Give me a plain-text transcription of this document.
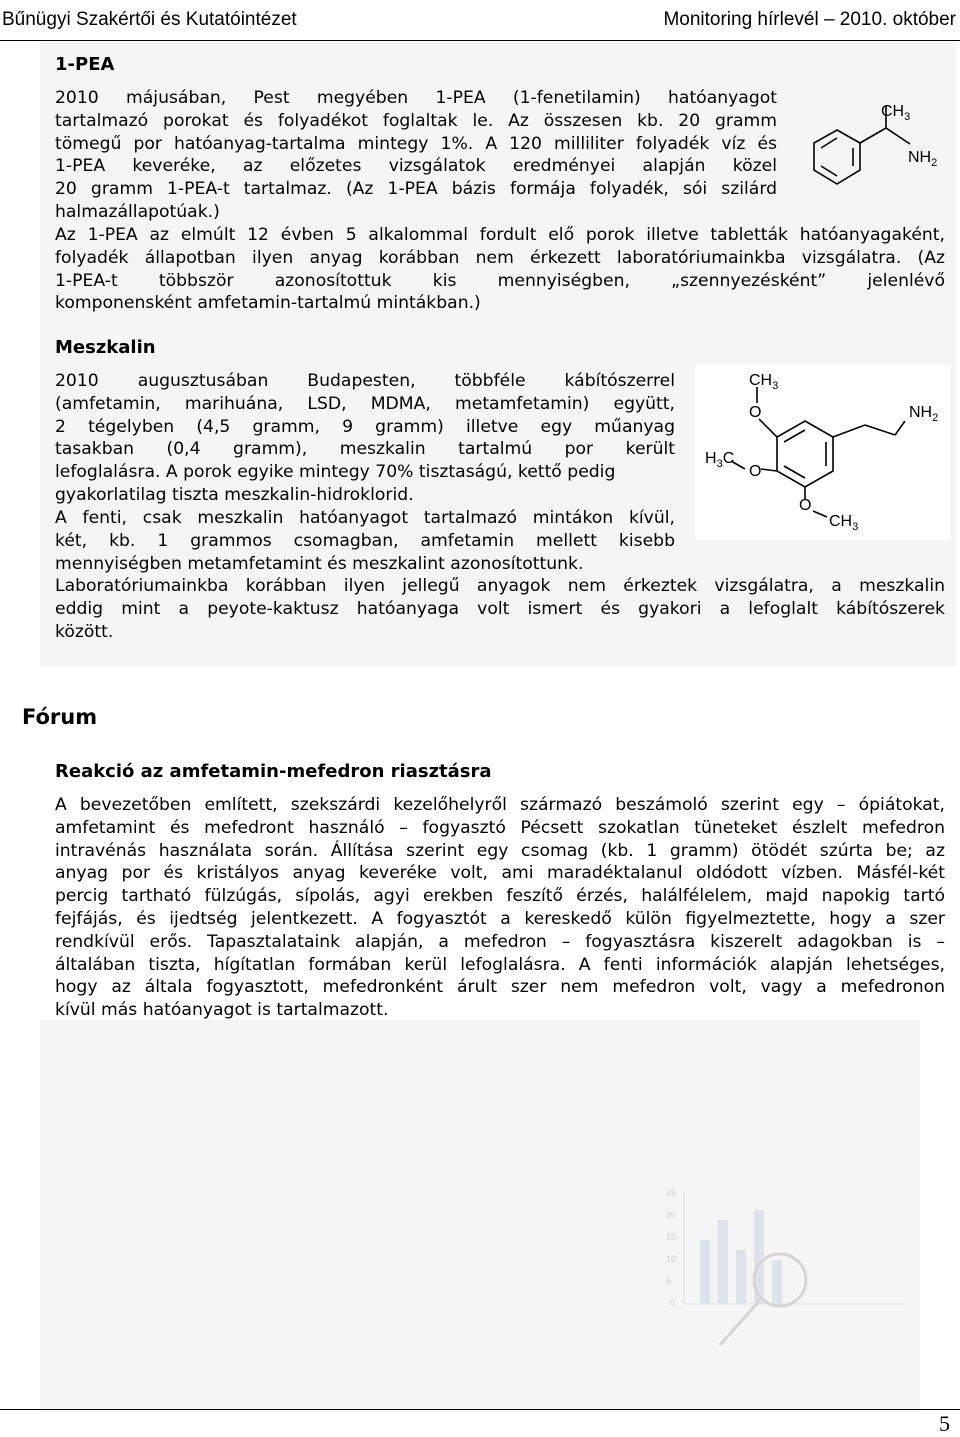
Bűnügyi Szakértői és Kutatóintézet	Monitoring hírlevél – 2010. október
1-PEA
2010 májusában, Pest megyében 1-PEA (1-fenetilamin) hatóanyagot
tartalmazó porokat és folyadékot foglaltak le. Az összesen kb. 20 gramm
tömegű por hatóanyag-tartalma mintegy 1%. A 120 milliliter folyadék víz és
1-PEA keveréke, az előzetes vizsgálatok eredményei alapján közel
20 gramm 1-PEA-t tartalmaz. (Az 1-PEA bázis formája folyadék, sói szilárd
halmazállapotúak.)
Az 1-PEA az elmúlt 12 évben 5 alkalommal fordult elő porok illetve tabletták hatóanyagaként,
folyadék állapotban ilyen anyag korábban nem érkezett laboratóriumainkba vizsgálatra. (Az
1-PEA-t többször azonosítottuk kis mennyiségben, „szennyezésként” jelenlévő
komponensként amfetamin-tartalmú mintákban.)
$CH_3$
$NH_2$
Meszkalin
2010 augusztusában Budapesten, többféle kábítószerrel
(amfetamin, marihuána, LSD, MDMA, metamfetamin) együtt,
2 tégelyben (4,5 gramm, 9 gramm) illetve egy műanyag
tasakban (0,4 gramm), meszkalin tartalmú por került
lefoglalásra. A porok egyike mintegy 70% tisztaságú, kettő pedig
gyakorlatilag tiszta meszkalin-hidroklorid.
A fenti, csak meszkalin hatóanyagot tartalmazó mintákon kívül,
két, kb. 1 grammos csomagban, amfetamin mellett kisebb
mennyiségben metamfetamint és meszkalint azonosítottunk.
Laboratóriumainkba korábban ilyen jellegű anyagok nem érkeztek vizsgálatra, a meszkalin
eddig mint a peyote-kaktusz hatóanyaga volt ismert és gyakori a lefoglalt kábítószerek
között.
$CH_3$
O	$NH_2$
$H_3C$
O
O
$CH_3$
Fórum
Reakció az amfetamin-mefedron riasztásra
A bevezetőben említett, szekszárdi kezelőhelyről származó beszámoló szerint egy – ópiátokat,
amfetamint és mefedront használó – fogyasztó Pécsett szokatlan tüneteket észlelt mefedron
intravénás használata során. Állítása szerint egy csomag (kb. 1 gramm) ötödét szúrta be; az
anyag por és kristályos anyag keveréke volt, ami maradéktalanul oldódott vízben. Másfél-két
percig tartható fülzúgás, sípolás, agyi erekben feszítő érzés, halálfélelem, majd napokig tartó
fejfájás, és ijedtség jelentkezett. A fogyasztót a kereskedő külön figyelmeztette, hogy a szer
rendkívül erős. Tapasztalataink alapján, a mefedron – fogyasztásra kiszerelt adagokban is –
általában tiszta, hígítatlan formában kerül lefoglalásra. A fenti információk alapján lehetséges,
hogy az általa fogyasztott, mefedronként árult szer nem mefedron volt, vagy a mefedronon
kívül más hatóanyagot is tartalmazott.
25
20
15
10
5
0
5
